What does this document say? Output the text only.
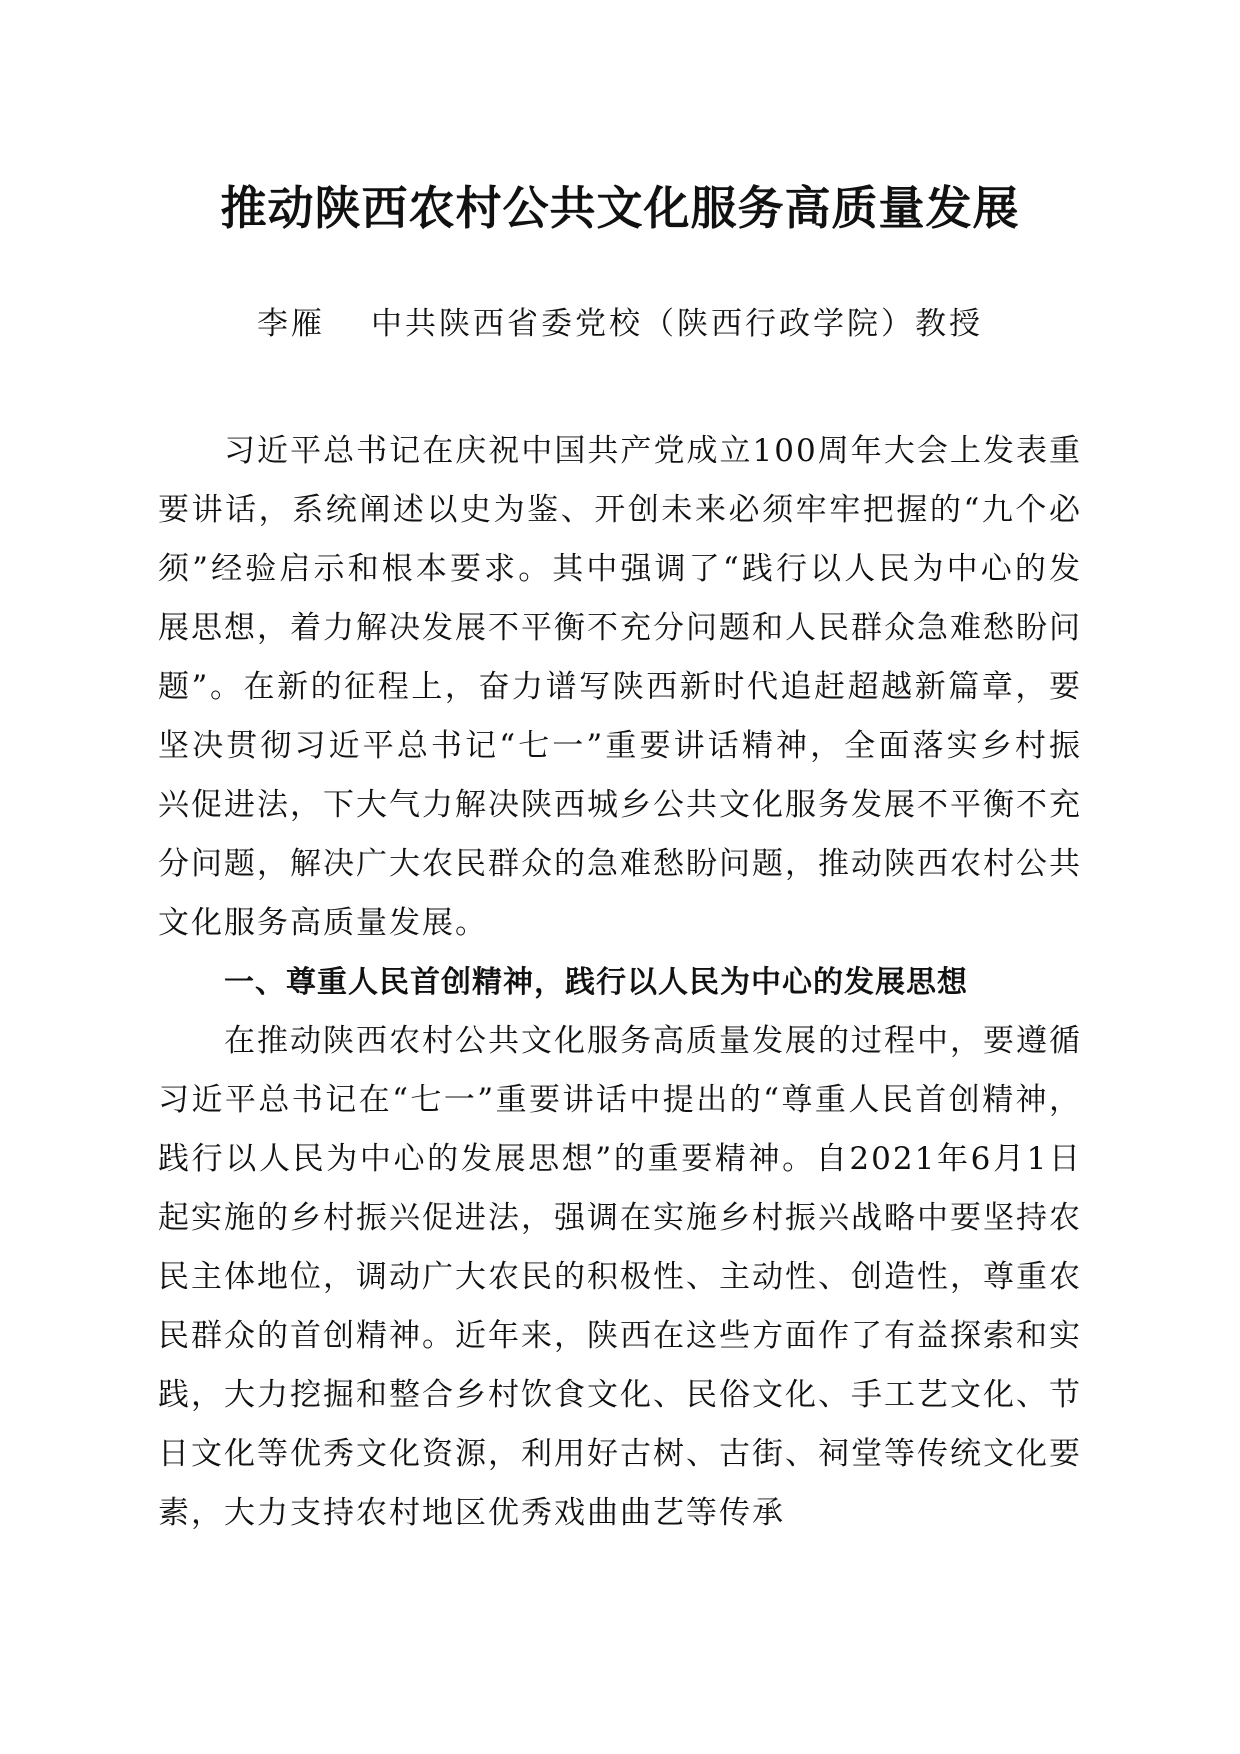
推动陕西农村公共文化服务高质量发展
李雁 中共陕西省委党校（陕西行政学院）教授

习近平总书记在庆祝中国共产党成立100周年大会上发表重要讲话，系统阐述以史为鉴、开创未来必须牢牢把握的“九个必须”经验启示和根本要求。其中强调了“践行以人民为中心的发展思想，着力解决发展不平衡不充分问题和人民群众急难愁盼问题”。在新的征程上，奋力谱写陕西新时代追赶超越新篇章，要坚决贯彻习近平总书记“七一”重要讲话精神，全面落实乡村振兴促进法，下大气力解决陕西城乡公共文化服务发展不平衡不充分问题，解决广大农民群众的急难愁盼问题，推动陕西农村公共文化服务高质量发展。

一、尊重人民首创精神，践行以人民为中心的发展思想

在推动陕西农村公共文化服务高质量发展的过程中，要遵循习近平总书记在“七一”重要讲话中提出的“尊重人民首创精神，践行以人民为中心的发展思想”的重要精神。自2021年6月1日起实施的乡村振兴促进法，强调在实施乡村振兴战略中要坚持农民主体地位，调动广大农民的积极性、主动性、创造性，尊重农民群众的首创精神。近年来，陕西在这些方面作了有益探索和实践，大力挖掘和整合乡村饮食文化、民俗文化、手工艺文化、节日文化等优秀文化资源，利用好古树、古街、祠堂等传统文化要素，大力支持农村地区优秀戏曲曲艺等传承
